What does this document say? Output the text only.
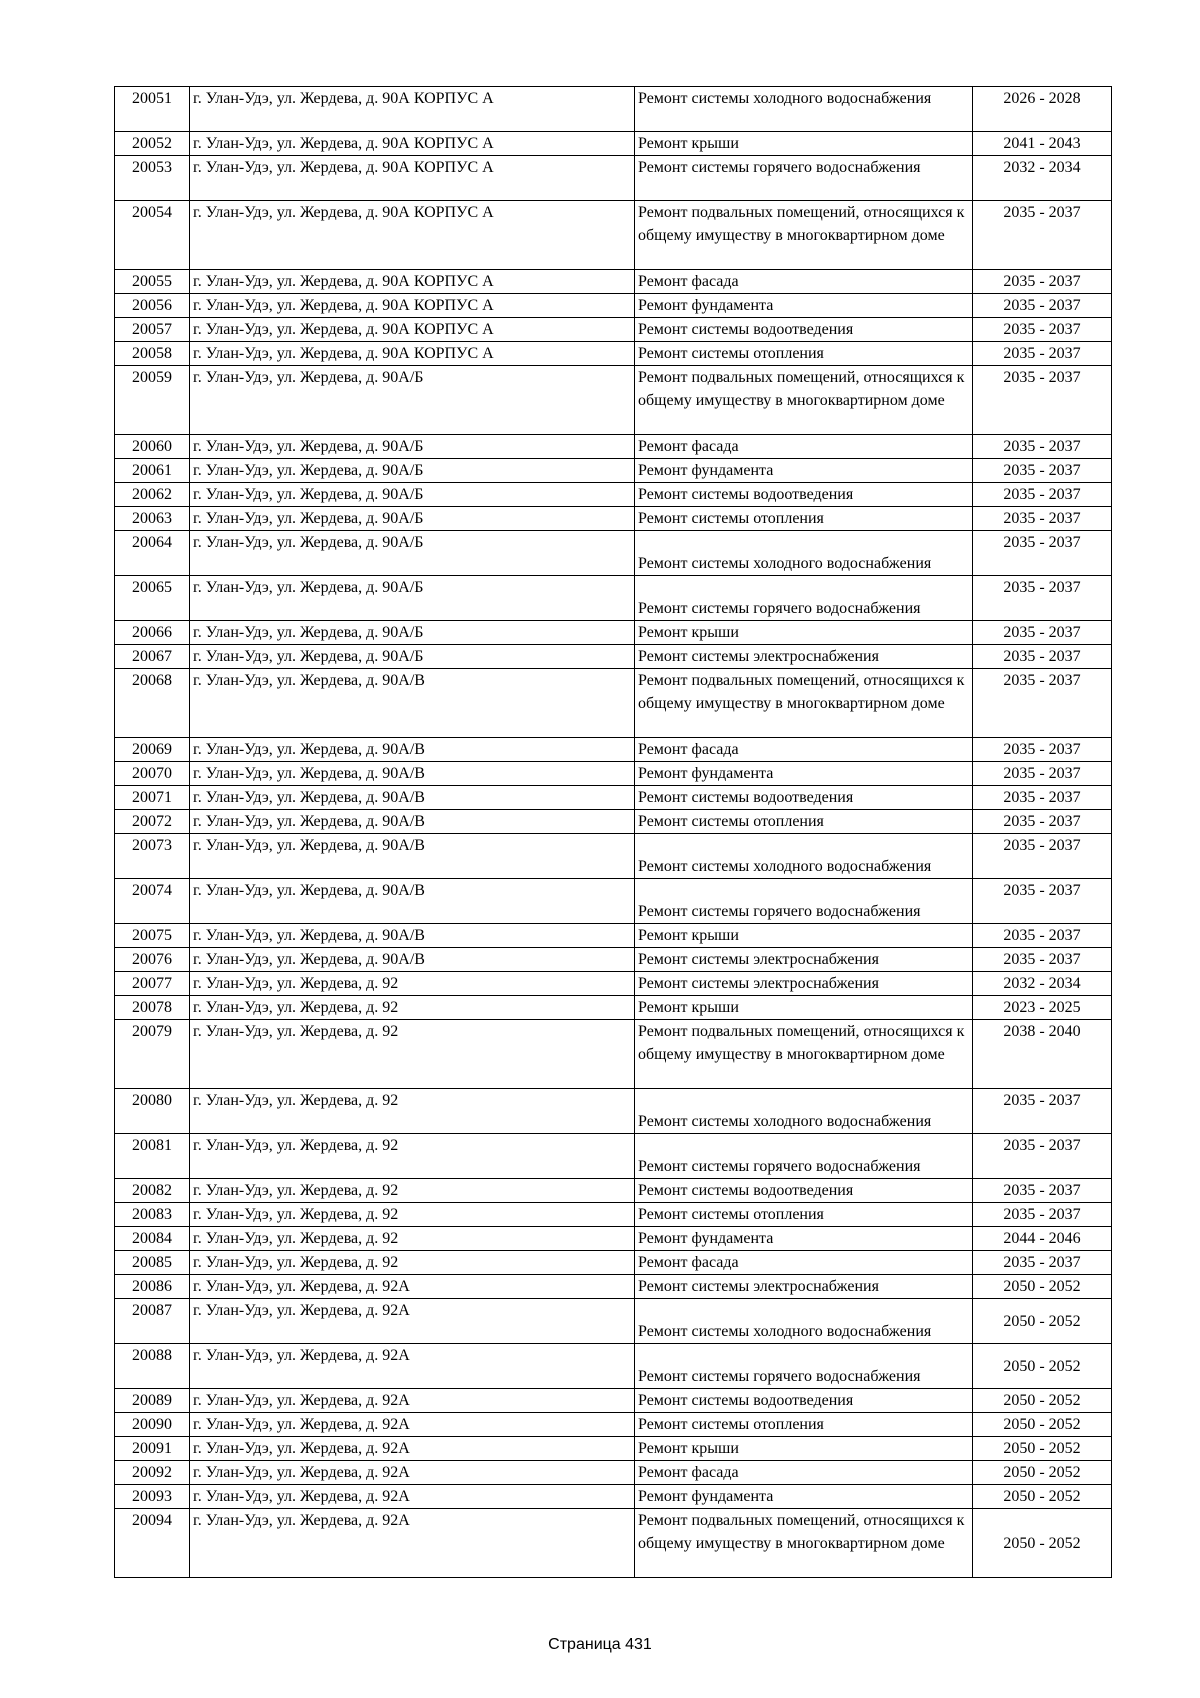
20051	г. Улан-Удэ, ул. Жердева, д. 90А КОРПУС А	Ремонт системы холодного водоснабжения	2026 - 2028
20052	г. Улан-Удэ, ул. Жердева, д. 90А КОРПУС А	Ремонт крыши	2041 - 2043
20053	г. Улан-Удэ, ул. Жердева, д. 90А КОРПУС А	Ремонт системы горячего водоснабжения	2032 - 2034
20054	г. Улан-Удэ, ул. Жердева, д. 90А КОРПУС А	Ремонт подвальных помещений, относящихся к общему имуществу в многоквартирном доме	2035 - 2037
20055	г. Улан-Удэ, ул. Жердева, д. 90А КОРПУС А	Ремонт фасада	2035 - 2037
20056	г. Улан-Удэ, ул. Жердева, д. 90А КОРПУС А	Ремонт фундамента	2035 - 2037
20057	г. Улан-Удэ, ул. Жердева, д. 90А КОРПУС А	Ремонт системы водоотведения	2035 - 2037
20058	г. Улан-Удэ, ул. Жердева, д. 90А КОРПУС А	Ремонт системы отопления	2035 - 2037
20059	г. Улан-Удэ, ул. Жердева, д. 90А/Б	Ремонт подвальных помещений, относящихся к общему имуществу в многоквартирном доме	2035 - 2037
20060	г. Улан-Удэ, ул. Жердева, д. 90А/Б	Ремонт фасада	2035 - 2037
20061	г. Улан-Удэ, ул. Жердева, д. 90А/Б	Ремонт фундамента	2035 - 2037
20062	г. Улан-Удэ, ул. Жердева, д. 90А/Б	Ремонт системы водоотведения	2035 - 2037
20063	г. Улан-Удэ, ул. Жердева, д. 90А/Б	Ремонт системы отопления	2035 - 2037
20064	г. Улан-Удэ, ул. Жердева, д. 90А/Б	Ремонт системы холодного водоснабжения	2035 - 2037
20065	г. Улан-Удэ, ул. Жердева, д. 90А/Б	Ремонт системы горячего водоснабжения	2035 - 2037
20066	г. Улан-Удэ, ул. Жердева, д. 90А/Б	Ремонт крыши	2035 - 2037
20067	г. Улан-Удэ, ул. Жердева, д. 90А/Б	Ремонт системы электроснабжения	2035 - 2037
20068	г. Улан-Удэ, ул. Жердева, д. 90А/В	Ремонт подвальных помещений, относящихся к общему имуществу в многоквартирном доме	2035 - 2037
20069	г. Улан-Удэ, ул. Жердева, д. 90А/В	Ремонт фасада	2035 - 2037
20070	г. Улан-Удэ, ул. Жердева, д. 90А/В	Ремонт фундамента	2035 - 2037
20071	г. Улан-Удэ, ул. Жердева, д. 90А/В	Ремонт системы водоотведения	2035 - 2037
20072	г. Улан-Удэ, ул. Жердева, д. 90А/В	Ремонт системы отопления	2035 - 2037
20073	г. Улан-Удэ, ул. Жердева, д. 90А/В	Ремонт системы холодного водоснабжения	2035 - 2037
20074	г. Улан-Удэ, ул. Жердева, д. 90А/В	Ремонт системы горячего водоснабжения	2035 - 2037
20075	г. Улан-Удэ, ул. Жердева, д. 90А/В	Ремонт крыши	2035 - 2037
20076	г. Улан-Удэ, ул. Жердева, д. 90А/В	Ремонт системы электроснабжения	2035 - 2037
20077	г. Улан-Удэ, ул. Жердева, д. 92	Ремонт системы электроснабжения	2032 - 2034
20078	г. Улан-Удэ, ул. Жердева, д. 92	Ремонт крыши	2023 - 2025
20079	г. Улан-Удэ, ул. Жердева, д. 92	Ремонт подвальных помещений, относящихся к общему имуществу в многоквартирном доме	2038 - 2040
20080	г. Улан-Удэ, ул. Жердева, д. 92	Ремонт системы холодного водоснабжения	2035 - 2037
20081	г. Улан-Удэ, ул. Жердева, д. 92	Ремонт системы горячего водоснабжения	2035 - 2037
20082	г. Улан-Удэ, ул. Жердева, д. 92	Ремонт системы водоотведения	2035 - 2037
20083	г. Улан-Удэ, ул. Жердева, д. 92	Ремонт системы отопления	2035 - 2037
20084	г. Улан-Удэ, ул. Жердева, д. 92	Ремонт фундамента	2044 - 2046
20085	г. Улан-Удэ, ул. Жердева, д. 92	Ремонт фасада	2035 - 2037
20086	г. Улан-Удэ, ул. Жердева, д. 92А	Ремонт системы электроснабжения	2050 - 2052
20087	г. Улан-Удэ, ул. Жердева, д. 92А	Ремонт системы холодного водоснабжения	2050 - 2052
20088	г. Улан-Удэ, ул. Жердева, д. 92А	Ремонт системы горячего водоснабжения	2050 - 2052
20089	г. Улан-Удэ, ул. Жердева, д. 92А	Ремонт системы водоотведения	2050 - 2052
20090	г. Улан-Удэ, ул. Жердева, д. 92А	Ремонт системы отопления	2050 - 2052
20091	г. Улан-Удэ, ул. Жердева, д. 92А	Ремонт крыши	2050 - 2052
20092	г. Улан-Удэ, ул. Жердева, д. 92А	Ремонт фасада	2050 - 2052
20093	г. Улан-Удэ, ул. Жердева, д. 92А	Ремонт фундамента	2050 - 2052
20094	г. Улан-Удэ, ул. Жердева, д. 92А	Ремонт подвальных помещений, относящихся к общему имуществу в многоквартирном доме	2050 - 2052
Страница 431
